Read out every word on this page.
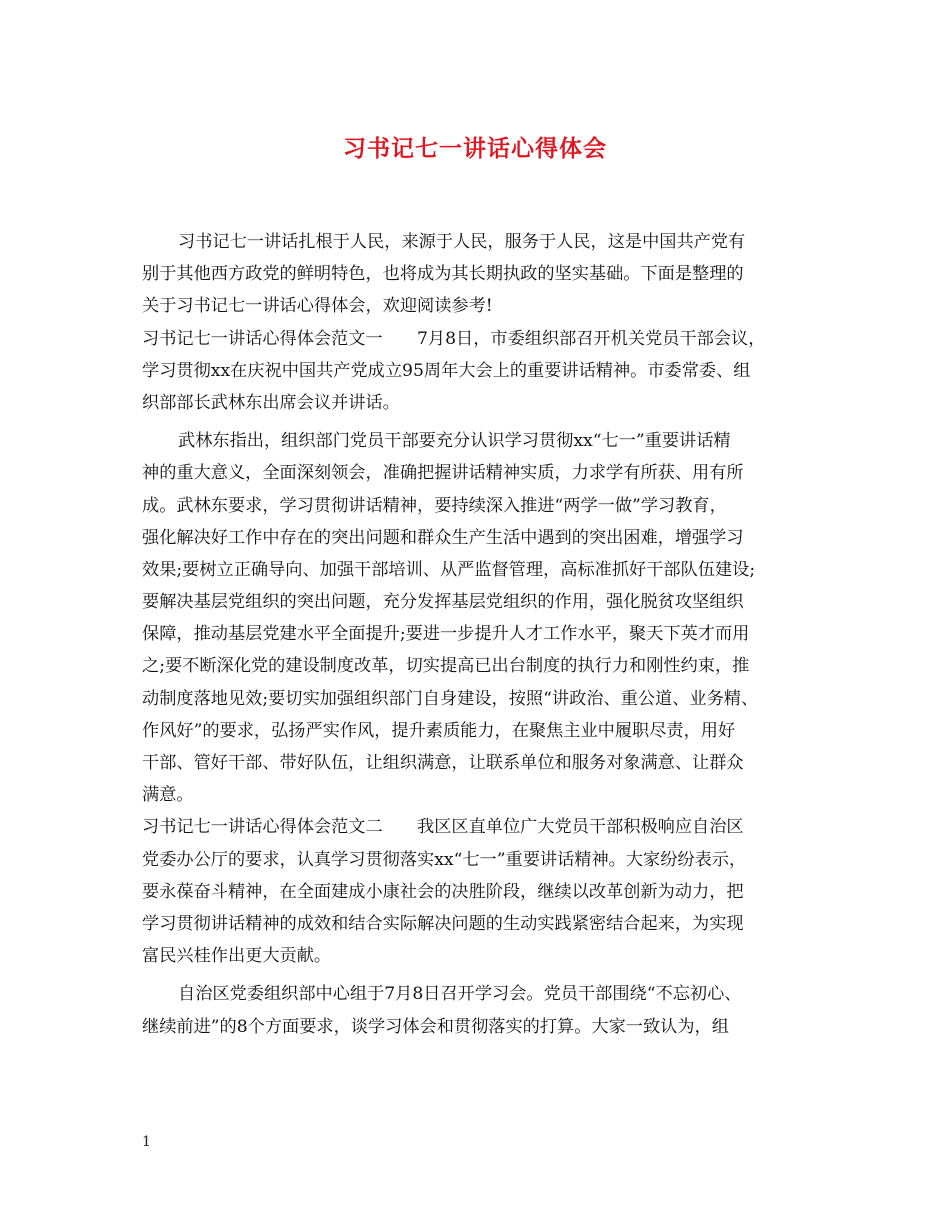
习书记七一讲话心得体会
习书记七一讲话扎根于人民，来源于人民，服务于人民，这是中国共产党有
别于其他西方政党的鲜明特色，也将成为其长期执政的坚实基础。下面是整理的
关于习书记七一讲话心得体会，欢迎阅读参考!
习书记七一讲话心得体会范文一　　7月8日，市委组织部召开机关党员干部会议，
学习贯彻xx在庆祝中国共产党成立95周年大会上的重要讲话精神。市委常委、组
织部部长武林东出席会议并讲话。
武林东指出，组织部门党员干部要充分认识学习贯彻xx“七一”重要讲话精
神的重大意义，全面深刻领会，准确把握讲话精神实质，力求学有所获、用有所
成。武林东要求，学习贯彻讲话精神，要持续深入推进“两学一做”学习教育，
强化解决好工作中存在的突出问题和群众生产生活中遇到的突出困难，增强学习
效果;要树立正确导向、加强干部培训、从严监督管理，高标准抓好干部队伍建设;
要解决基层党组织的突出问题，充分发挥基层党组织的作用，强化脱贫攻坚组织
保障，推动基层党建水平全面提升;要进一步提升人才工作水平，聚天下英才而用
之;要不断深化党的建设制度改革，切实提高已出台制度的执行力和刚性约束，推
动制度落地见效;要切实加强组织部门自身建设，按照“讲政治、重公道、业务精、
作风好”的要求，弘扬严实作风，提升素质能力，在聚焦主业中履职尽责，用好
干部、管好干部、带好队伍，让组织满意，让联系单位和服务对象满意、让群众
满意。
习书记七一讲话心得体会范文二　　我区区直单位广大党员干部积极响应自治区
党委办公厅的要求，认真学习贯彻落实xx“七一”重要讲话精神。大家纷纷表示，
要永葆奋斗精神，在全面建成小康社会的决胜阶段，继续以改革创新为动力，把
学习贯彻讲话精神的成效和结合实际解决问题的生动实践紧密结合起来，为实现
富民兴桂作出更大贡献。
自治区党委组织部中心组于7月8日召开学习会。党员干部围绕“不忘初心、
继续前进”的8个方面要求，谈学习体会和贯彻落实的打算。大家一致认为，组
1
